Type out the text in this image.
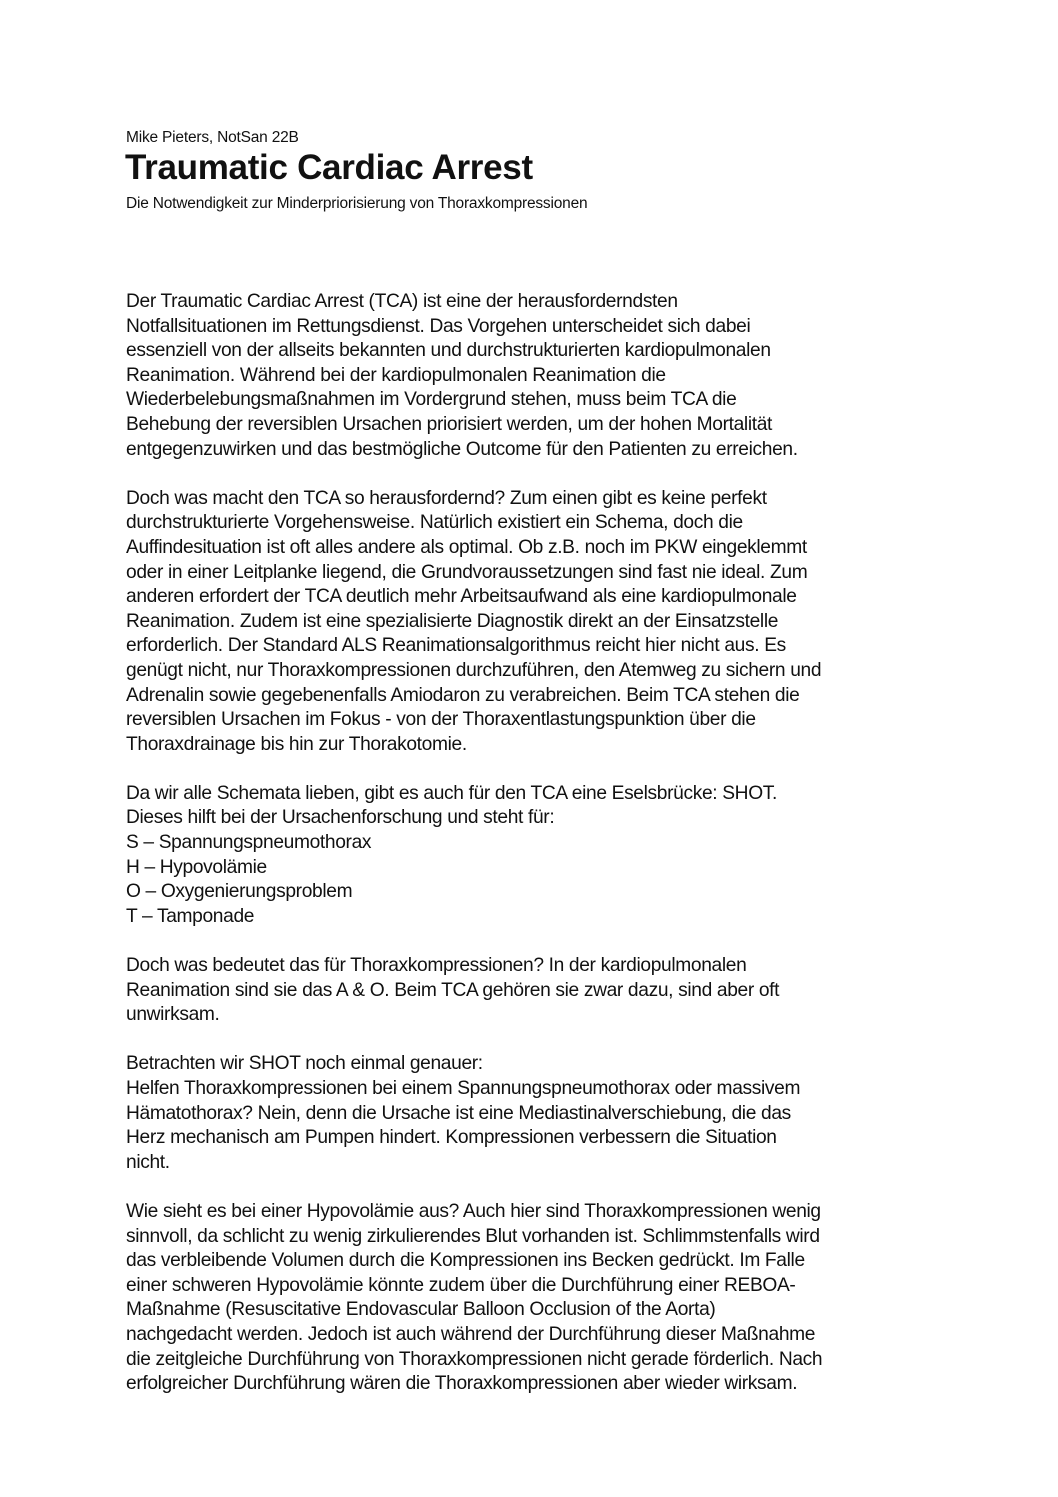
Mike Pieters, NotSan 22B
Traumatic Cardiac Arrest
Die Notwendigkeit zur Minderpriorisierung von Thoraxkompressionen

Der Traumatic Cardiac Arrest (TCA) ist eine der herausforderndsten
Notfallsituationen im Rettungsdienst. Das Vorgehen unterscheidet sich dabei
essenziell von der allseits bekannten und durchstrukturierten kardiopulmonalen
Reanimation. Während bei der kardiopulmonalen Reanimation die
Wiederbelebungsmaßnahmen im Vordergrund stehen, muss beim TCA die
Behebung der reversiblen Ursachen priorisiert werden, um der hohen Mortalität
entgegenzuwirken und das bestmögliche Outcome für den Patienten zu erreichen.

Doch was macht den TCA so herausfordernd? Zum einen gibt es keine perfekt
durchstrukturierte Vorgehensweise. Natürlich existiert ein Schema, doch die
Auffindesituation ist oft alles andere als optimal. Ob z.B. noch im PKW eingeklemmt
oder in einer Leitplanke liegend, die Grundvoraussetzungen sind fast nie ideal. Zum
anderen erfordert der TCA deutlich mehr Arbeitsaufwand als eine kardiopulmonale
Reanimation. Zudem ist eine spezialisierte Diagnostik direkt an der Einsatzstelle
erforderlich. Der Standard ALS Reanimationsalgorithmus reicht hier nicht aus. Es
genügt nicht, nur Thoraxkompressionen durchzuführen, den Atemweg zu sichern und
Adrenalin sowie gegebenenfalls Amiodaron zu verabreichen. Beim TCA stehen die
reversiblen Ursachen im Fokus - von der Thoraxentlastungspunktion über die
Thoraxdrainage bis hin zur Thorakotomie.

Da wir alle Schemata lieben, gibt es auch für den TCA eine Eselsbrücke: SHOT.
Dieses hilft bei der Ursachenforschung und steht für:
S – Spannungspneumothorax
H – Hypovolämie
O – Oxygenierungsproblem
T – Tamponade

Doch was bedeutet das für Thoraxkompressionen? In der kardiopulmonalen
Reanimation sind sie das A & O. Beim TCA gehören sie zwar dazu, sind aber oft
unwirksam.

Betrachten wir SHOT noch einmal genauer:
Helfen Thoraxkompressionen bei einem Spannungspneumothorax oder massivem
Hämatothorax? Nein, denn die Ursache ist eine Mediastinalverschiebung, die das
Herz mechanisch am Pumpen hindert. Kompressionen verbessern die Situation
nicht.

Wie sieht es bei einer Hypovolämie aus? Auch hier sind Thoraxkompressionen wenig
sinnvoll, da schlicht zu wenig zirkulierendes Blut vorhanden ist. Schlimmstenfalls wird
das verbleibende Volumen durch die Kompressionen ins Becken gedrückt. Im Falle
einer schweren Hypovolämie könnte zudem über die Durchführung einer REBOA-
Maßnahme (Resuscitative Endovascular Balloon Occlusion of the Aorta)
nachgedacht werden. Jedoch ist auch während der Durchführung dieser Maßnahme
die zeitgleiche Durchführung von Thoraxkompressionen nicht gerade förderlich. Nach
erfolgreicher Durchführung wären die Thoraxkompressionen aber wieder wirksam.
